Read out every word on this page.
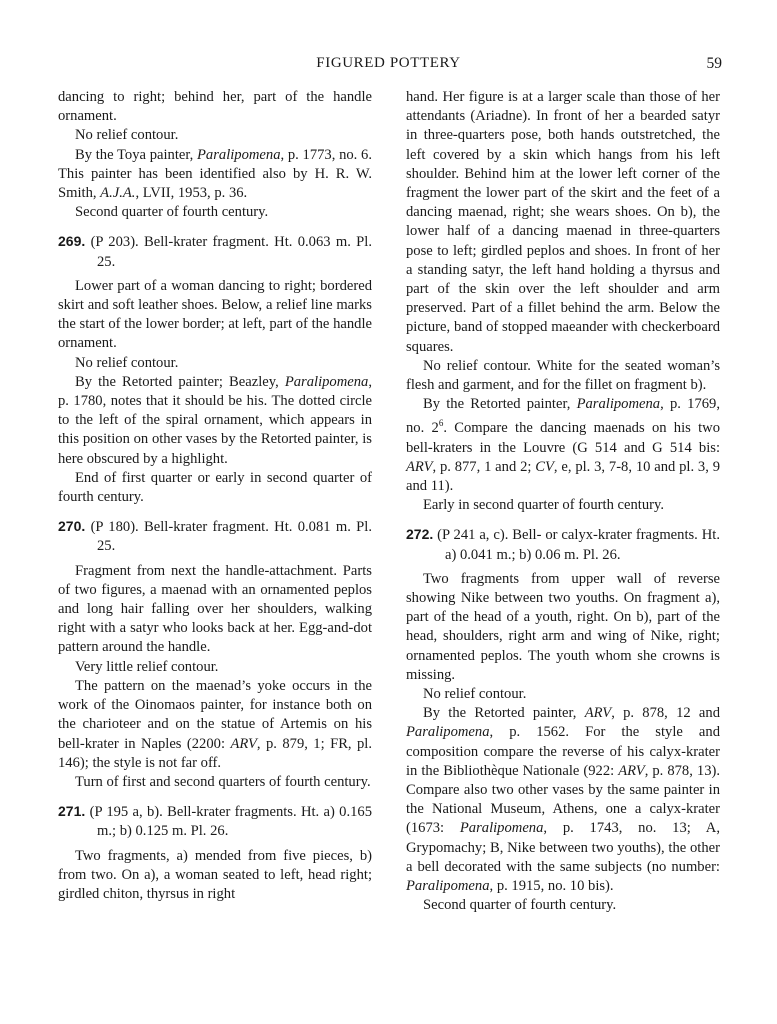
FIGURED POTTERY	59

dancing to right; behind her, part of the handle ornament.

No relief contour.

By the Toya painter, Paralipomena, p. 1773, no. 6. This painter has been identified also by H. R. W. Smith, A.J.A., LVII, 1953, p. 36.

Second quarter of fourth century.

269. (P 203). Bell-krater fragment. Ht. 0.063 m. Pl. 25.

Lower part of a woman dancing to right; bordered skirt and soft leather shoes. Below, a relief line marks the start of the lower border; at left, part of the handle ornament.

No relief contour.

By the Retorted painter; Beazley, Paralipomena, p. 1780, notes that it should be his. The dotted circle to the left of the spiral ornament, which appears in this position on other vases by the Retorted painter, is here obscured by a highlight.

End of first quarter or early in second quarter of fourth century.

270. (P 180). Bell-krater fragment. Ht. 0.081 m. Pl. 25.

Fragment from next the handle-attachment. Parts of two figures, a maenad with an ornamented peplos and long hair falling over her shoulders, walking right with a satyr who looks back at her. Egg-and-dot pattern around the handle.

Very little relief contour.

The pattern on the maenad’s yoke occurs in the work of the Oinomaos painter, for instance both on the charioteer and on the statue of Artemis on his bell-krater in Naples (2200: ARV, p. 879, 1; FR, pl. 146); the style is not far off.

Turn of first and second quarters of fourth century.

271. (P 195 a, b). Bell-krater fragments. Ht. a) 0.165 m.; b) 0.125 m. Pl. 26.

Two fragments, a) mended from five pieces, b) from two. On a), a woman seated to left, head right; girdled chiton, thyrsus in right

hand. Her figure is at a larger scale than those of her attendants (Ariadne). In front of her a bearded satyr in three-quarters pose, both hands outstretched, the left covered by a skin which hangs from his left shoulder. Behind him at the lower left corner of the fragment the lower part of the skirt and the feet of a dancing maenad, right; she wears shoes. On b), the lower half of a dancing maenad in three-quarters pose to left; girdled peplos and shoes. In front of her a standing satyr, the left hand holding a thyrsus and part of the skin over the left shoulder and arm preserved. Part of a fillet behind the arm. Below the picture, band of stopped maeander with checkerboard squares.

No relief contour. White for the seated woman’s flesh and garment, and for the fillet on fragment b).

By the Retorted painter, Paralipomena, p. 1769, no. $2^6$. Compare the dancing maenads on his two bell-kraters in the Louvre (G 514 and G 514 bis: ARV, p. 877, 1 and 2; CV, e, pl. 3, 7-8, 10 and pl. 3, 9 and 11).

Early in second quarter of fourth century.

272. (P 241 a, c). Bell- or calyx-krater fragments. Ht. a) 0.041 m.; b) 0.06 m. Pl. 26.

Two fragments from upper wall of reverse showing Nike between two youths. On fragment a), part of the head of a youth, right. On b), part of the head, shoulders, right arm and wing of Nike, right; ornamented peplos. The youth whom she crowns is missing.

No relief contour.

By the Retorted painter, ARV, p. 878, 12 and Paralipomena, p. 1562. For the style and composition compare the reverse of his calyx-krater in the Bibliothèque Nationale (922: ARV, p. 878, 13). Compare also two other vases by the same painter in the National Museum, Athens, one a calyx-krater (1673: Paralipomena, p. 1743, no. 13; A, Grypomachy; B, Nike between two youths), the other a bell decorated with the same subjects (no number: Paralipomena, p. 1915, no. 10 bis).

Second quarter of fourth century.
